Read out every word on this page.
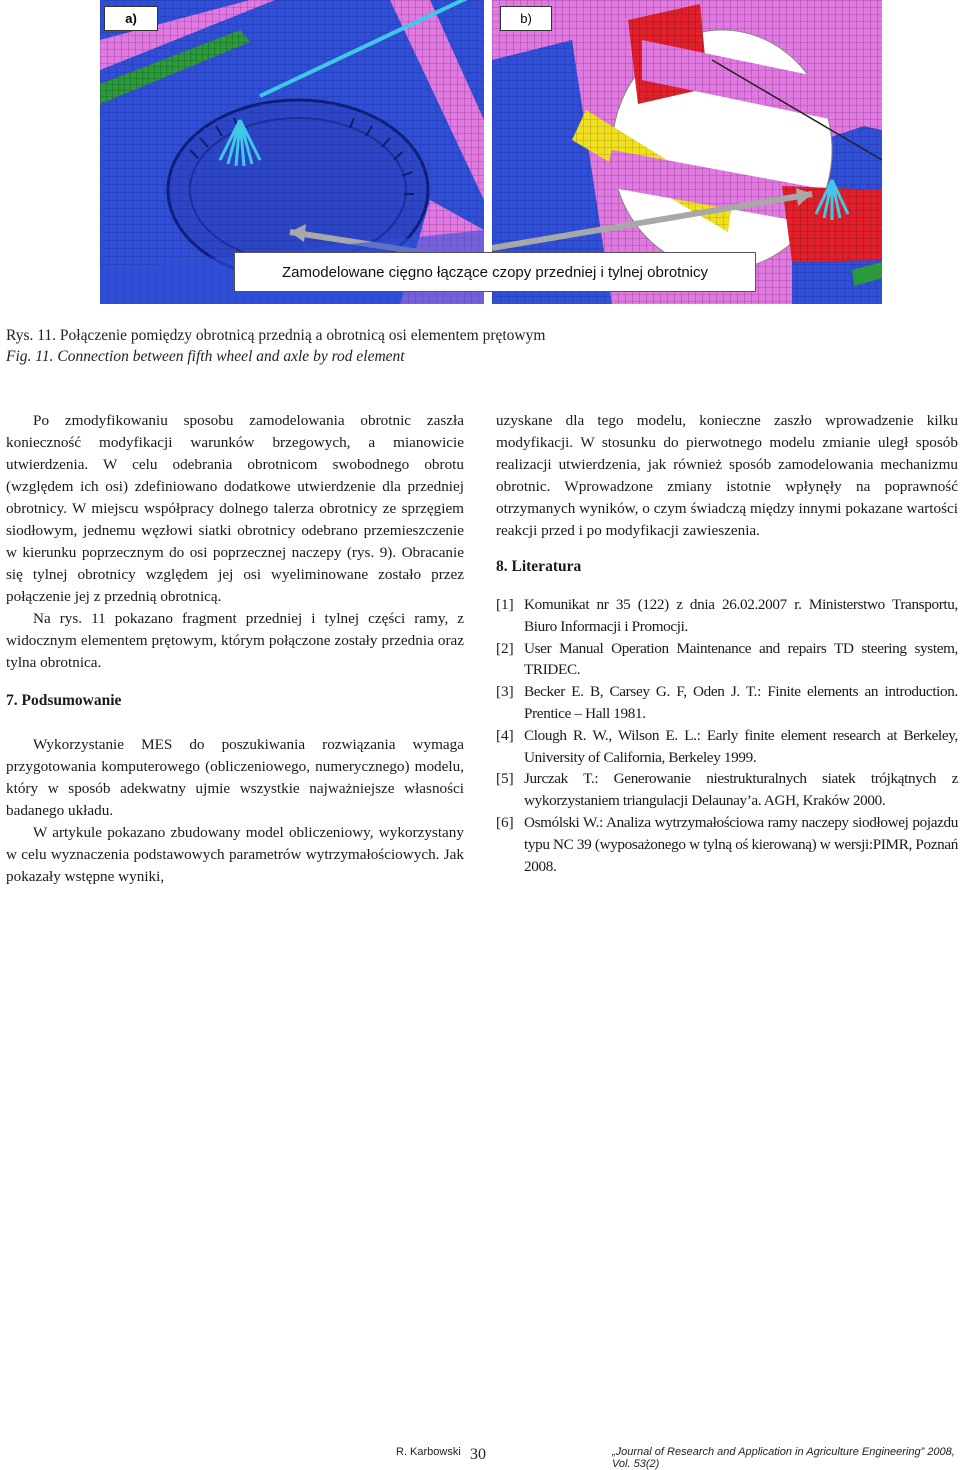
a)	b)
Zamodelowane cięgno łączące czopy przedniej i tylnej obrotnicy
Rys. 11. Połączenie pomiędzy obrotnicą przednią a obrotnicą osi elementem prętowym
Fig. 11. Connection between fifth wheel and axle by rod element

Po zmodyfikowaniu sposobu zamodelowania obrotnic zaszła konieczność modyfikacji warunków brzegowych, a mianowicie utwierdzenia. W celu odebrania obrotnicom swobodnego obrotu (względem ich osi) zdefiniowano dodatkowe utwierdzenie dla przedniej obrotnicy. W miejscu współpracy dolnego talerza obrotnicy ze sprzęgiem siodłowym, jednemu węzłowi siatki obrotnicy odebrano przemieszczenie w kierunku poprzecznym do osi poprzecznej naczepy (rys. 9). Obracanie się tylnej obrotnicy względem jej osi wyeliminowane zostało przez połączenie jej z przednią obrotnicą.

Na rys. 11 pokazano fragment przedniej i tylnej części ramy, z widocznym elementem prętowym, którym połączone zostały przednia oraz tylna obrotnica.

7. Podsumowanie

Wykorzystanie MES do poszukiwania rozwiązania wymaga przygotowania komputerowego (obliczeniowego, numerycznego) modelu, który w sposób adekwatny ujmie wszystkie najważniejsze własności badanego układu.

W artykule pokazano zbudowany model obliczeniowy, wykorzystany w celu wyznaczenia podstawowych parametrów wytrzymałościowych. Jak pokazały wstępne wyniki,

uzyskane dla tego modelu, konieczne zaszło wprowadzenie kilku modyfikacji. W stosunku do pierwotnego modelu zmianie uległ sposób realizacji utwierdzenia, jak również sposób zamodelowania mechanizmu obrotnic. Wprowadzone zmiany istotnie wpłynęły na poprawność otrzymanych wyników, o czym świadczą między innymi pokazane wartości reakcji przed i po modyfikacji zawieszenia.

8. Literatura
[1] Komunikat nr 35 (122) z dnia 26.02.2007 r. Ministerstwo Transportu, Biuro Informacji i Promocji.
[2] User Manual Operation Maintenance and repairs TD steering system, TRIDEC.
[3] Becker E. B, Carsey G. F, Oden J. T.: Finite elements an introduction. Prentice – Hall 1981.
[4] Clough R. W., Wilson E. L.: Early finite element research at Berkeley, University of California, Berkeley 1999.
[5] Jurczak T.: Generowanie niestrukturalnych siatek trójkątnych z wykorzystaniem triangulacji Delaunay’a. AGH, Kraków 2000.
[6] Osmólski W.: Analiza wytrzymałościowa ramy naczepy siodłowej pojazdu typu NC 39 (wyposażonego w tylną oś kierowaną) w wersji:PIMR, Poznań 2008.
R. Karbowski 30	„Journal of Research and Application in Agriculture Engineering” 2008, Vol. 53(2)
